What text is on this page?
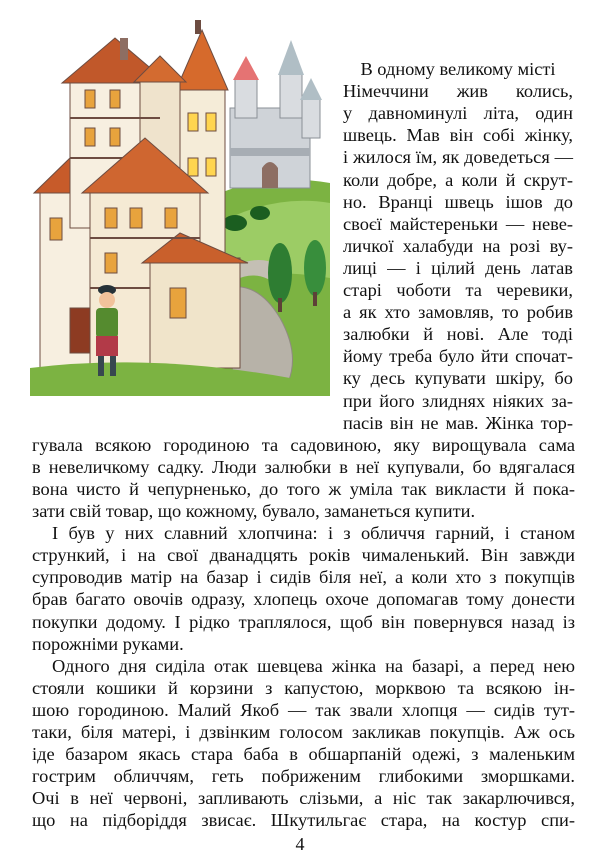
В одному великому місті
Німеччини жив колись,
у давноминулі літа, один
швець. Мав він собі жінку,
і жилося їм, як доведеться —
коли добре, а коли й скрут-
но. Вранці швець ішов до
своєї майстереньки — неве-
личкої халабуди на розі ву-
лиці — і цілий день латав
старі чоботи та черевики,
а як хто замовляв, то робив
залюбки й нові. Але тоді
йому треба було йти спочат-
ку десь купувати шкіру, бо
при його злиднях ніяких за-
пасів він не мав. Жінка тор-
гувала всякою городиною та садовиною, яку вирощувала сама
в невеличкому садку. Люди залюбки в неї купували, бо вдягалася
вона чисто й чепурненько, до того ж уміла так викласти й пока-
зати свій товар, що кожному, бувало, заманеться купити.
І був у них славний хлопчина: і з обличчя гарний, і станом
стрункий, і на свої дванадцять років чималенький. Він завжди
супроводив матір на базар і сидів біля неї, а коли хто з покупців
брав багато овочів одразу, хлопець охоче допомагав тому донести
покупки додому. І рідко траплялося, щоб він повернувся назад із
порожніми руками.
Одного дня сиділа отак шевцева жінка на базарі, а перед нею
стояли кошики й корзини з капустою, морквою та всякою ін-
шою городиною. Малий Якоб — так звали хлопця — сидів тут-
таки, біля матері, і дзвінким голосом закликав покупців. Аж ось
іде базаром якась стара баба в обшарпаній одежі, з маленьким
гострим обличчям, геть побриженим глибокими зморшками.
Очі в неї червоні, запливають слізьми, а ніс так закарлючився,
що на підборіддя звисає. Шкутильгає стара, на костур спи-
4
